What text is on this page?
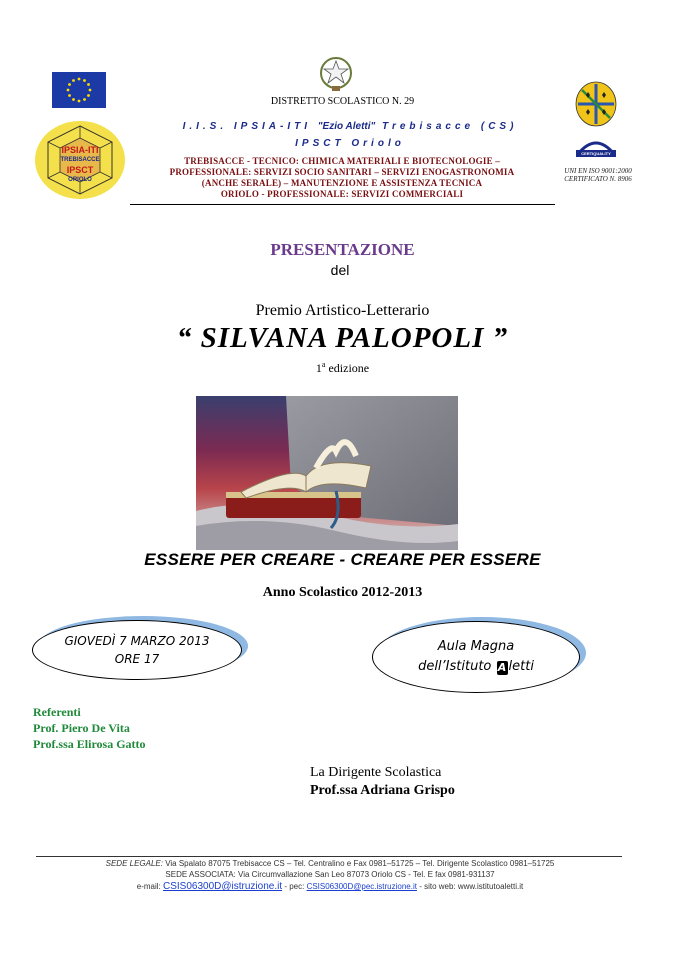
DISTRETTO SCOLASTICO N. 29
I.I.S. IPSIA-ITI "Ezio Aletti" Trebisacce (CS)
IPSCT Oriolo
TREBISACCE - TECNICO: CHIMICA MATERIALI E BIOTECNOLOGIE –
PROFESSIONALE: SERVIZI SOCIO SANITARI – SERVIZI ENOGASTRONOMIA
(ANCHE SERALE) – MANUTENZIONE E ASSISTENZA TECNICA
ORIOLO - PROFESSIONALE: SERVIZI COMMERCIALI
IPSIA-ITI
TREBISACCE
IPSCT
ORIOLO
CERTIQUALITY
UNI EN ISO 9001:2000
CERTIFICATO N. 8906
PRESENTAZIONE
del
Premio Artistico-Letterario
“ SILVANA PALOPOLI ”
1$^a$ edizione
ESSERE PER CREARE - CREARE PER ESSERE
Anno Scolastico 2012-2013
GIOVEDÌ 7 MARZO 2013
ORE 17
Aula Magna
dell’Istituto A letti
Referenti
Prof. Piero De Vita
Prof.ssa Elirosa Gatto
La Dirigente Scolastica
Prof.ssa Adriana Grispo
SEDE LEGALE: Via Spalato 87075 Trebisacce CS – Tel. Centralino e Fax 0981–51725 – Tel. Dirigente Scolastico 0981–51725
SEDE ASSOCIATA: Via Circumvallazione San Leo 87073 Oriolo CS - Tel. E fax 0981-931137
e-mail: CSIS06300D@istruzione.it - pec: CSIS06300D@pec.istruzione.it - sito web: www.istitutoaletti.it
